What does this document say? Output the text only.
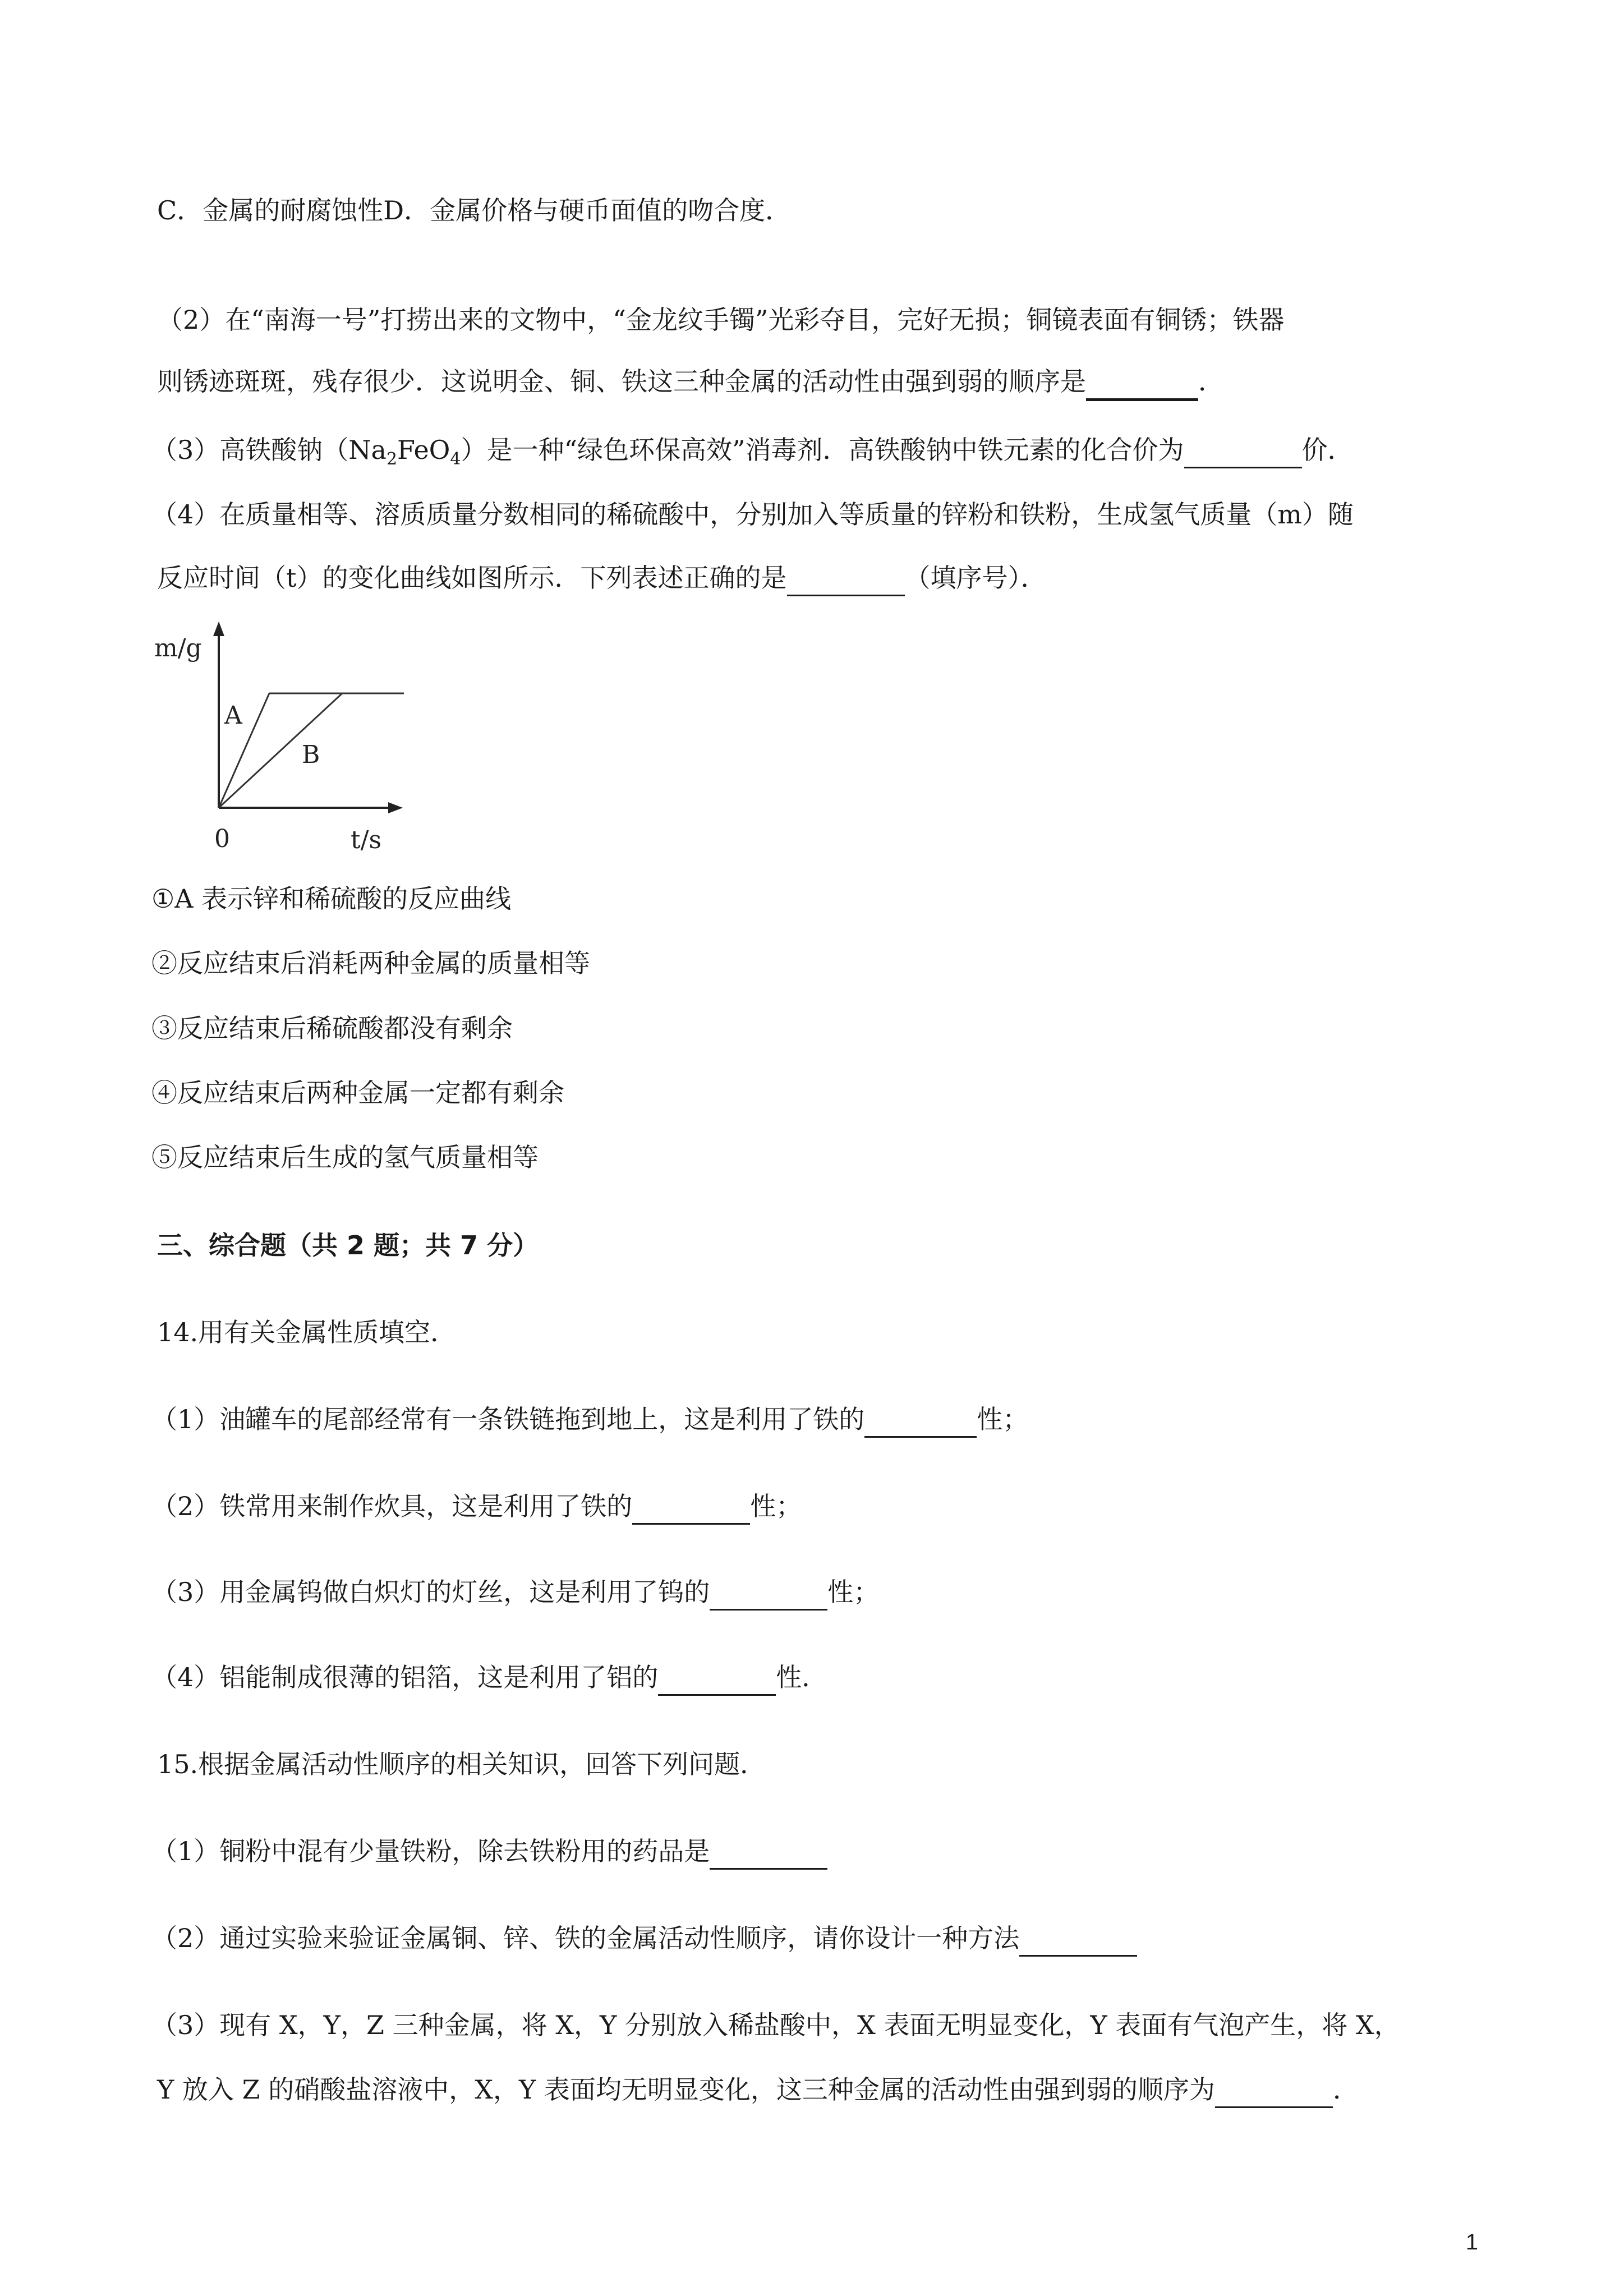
C．金属的耐腐蚀性D．金属价格与硬币面值的吻合度．
（2）在“南海一号”打捞出来的文物中，“金龙纹手镯”光彩夺目，完好无损；铜镜表面有铜锈；铁器
则锈迹斑斑，残存很少．这说明金、铜、铁这三种金属的活动性由强到弱的顺序是	．
（3）高铁酸钠$(Na_2FeO_4)$是一种“绿色环保高效”消毒剂．高铁酸钠中铁元素的化合价为	价．
（4）在质量相等、溶质质量分数相同的稀硫酸中，分别加入等质量的锌粉和铁粉，生成氢气质量（m）随
反应时间（t）的变化曲线如图所示．下列表述正确的是	（填序号）．
m/g
A
B
0	t/s
①A 表示锌和稀硫酸的反应曲线
②反应结束后消耗两种金属的质量相等
③反应结束后稀硫酸都没有剩余
④反应结束后两种金属一定都有剩余
⑤反应结束后生成的氢气质量相等
三、综合题（共 2 题；共 7 分）
14.用有关金属性质填空．
（1）油罐车的尾部经常有一条铁链拖到地上，这是利用了铁的	性；
（2）铁常用来制作炊具，这是利用了铁的	性；
（3）用金属钨做白炽灯的灯丝，这是利用了钨的	性；
（4）铝能制成很薄的铝箔，这是利用了铝的	性．
15.根据金属活动性顺序的相关知识，回答下列问题．
（1）铜粉中混有少量铁粉，除去铁粉用的药品是
（2）通过实验来验证金属铜、锌、铁的金属活动性顺序，请你设计一种方法
（3）现有 X，Y，Z 三种金属，将 X，Y 分别放入稀盐酸中，X 表面无明显变化，Y 表面有气泡产生，将 X，
Y 放入 Z 的硝酸盐溶液中，X，Y 表面均无明显变化，这三种金属的活动性由强到弱的顺序为	．
1
